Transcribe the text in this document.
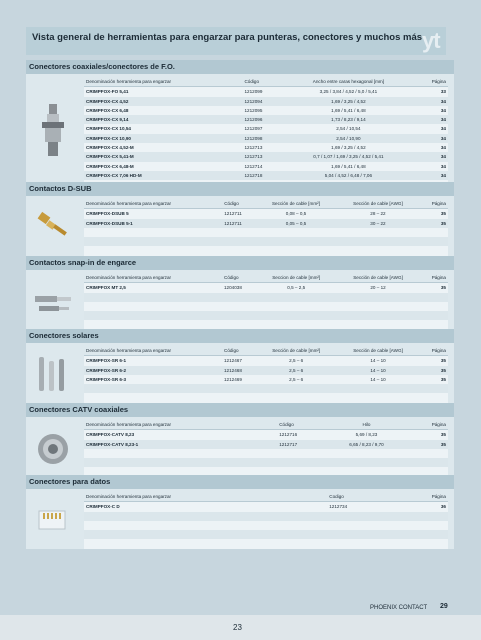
Vista general de herramientas para engarzar para punteras, conectores y muchos más yt
Conectores coaxiales/conectores de F.O.
Denominación herramienta para engarzar	Código	Ancho entre caras hexagonal [mm]	Página
CRIMPFOX-FO 5,41	1212099	3,25 / 3,84 / 4,52 / 5,0 / 5,41	33
CRIMPFOX-CX 4,52	1212094	1,69 / 3,25 / 4,52	34
CRIMPFOX-CX 6,48	1212095	1,69 / 5,41 / 6,48	34
CRIMPFOX-CX 9,14	1212096	1,73 / 8,23 / 9,14	34
CRIMPFOX-CX 10,54	1212097	2,54 / 10,54	34
CRIMPFOX-CX 10,90	1212098	2,54 / 10,90	34
CRIMPFOX-CX 4,52-M	1212713	1,69 / 3,25 / 4,52	34
CRIMPFOX-CX 5,41-M	1212713	0,7 / 1,07 / 1,69 / 3,25 / 4,52 / 5,41	34
CRIMPFOX-CX 6,48-M	1212714	1,69 / 5,41 / 6,48	34
CRIMPFOX-CX 7,06 HD-M	1212718	5,04 / 4,52 / 6,48 / 7,06	34

Contactos D-SUB
Denominación herramienta para engarzar	Código	Sección de cable [mm²]	Sección de cable [AWG]	Página
CRIMPFOX-DSUB 5	1212711	0,08 – 0,5	28 – 22	35
CRIMPFOX-DSUB 5-1	1212711	0,05 – 0,5	30 – 22	35

Contactos snap-in de engarce
Denominación herramienta para engarzar	Código	Seccion de cable [mm²]	Sección de cable [AWG]	Página
CRIMPFOX MT 2,5	1204038	0,5 – 2,5	20 – 12	35

Conectores solares
Denominación herramienta para engarzar	Código	Sección de cable [mm²]	Sección de cable [AWG]	Página
CRIMPFOX-SR 6-1	1212467	2,5 – 6	14 – 10	35
CRIMPFOX-SR 6-2	1212468	2,5 – 6	14 – 10	35
CRIMPFOX-SR 6-3	1212469	2,5 – 6	14 – 10	35

Conectores CATV coaxiales
Denominación herramienta para engarzar	Código	Hilo	Página
CRIMPFOX-CATV 8,23	1212716	5,69 / 8,23	35
CRIMPFOX-CATV 8,23-1	1212717	6,65 / 8,23 / 9,70	35

Conectores para datos
Denominación herramienta para engarzar	Codigo		Página
CRIMPFOX-C D	1212734		36

PHOENIX CONTACT 29
23
